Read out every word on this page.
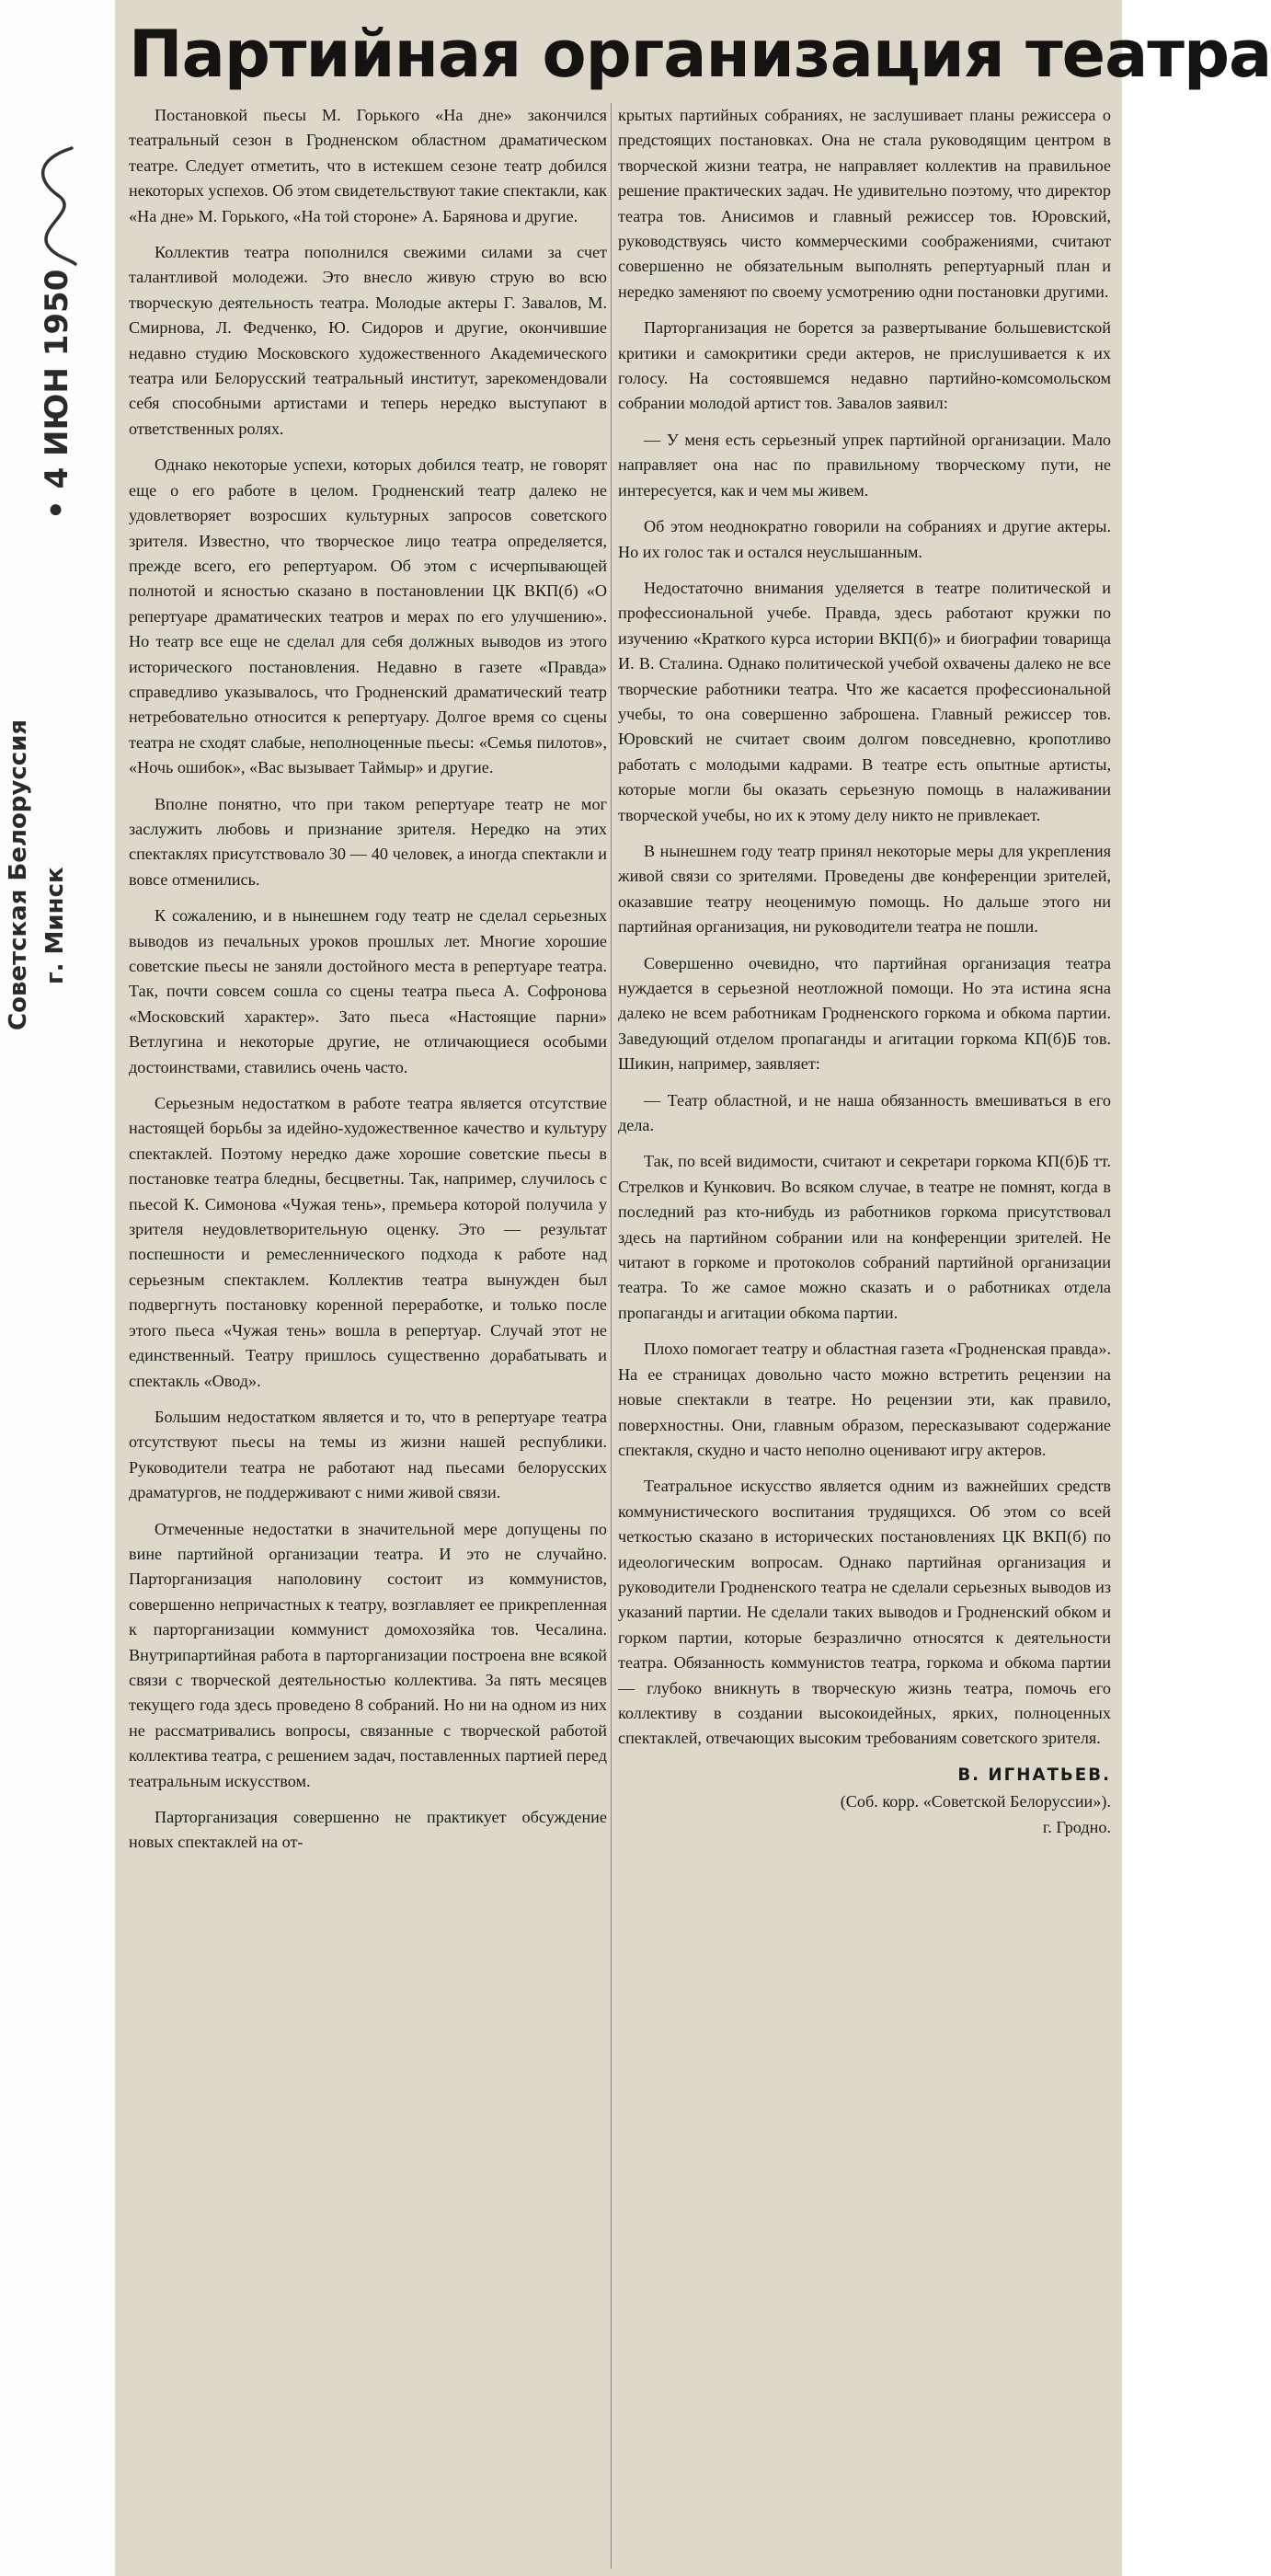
• 4 ИЮН 1950
Советская Белоруссия г. Минск
Партийная организация театра

Постановкой пьесы М. Горького «На дне» закончился театральный сезон в Гродненском областном драматическом театре. Следует отметить, что в истекшем сезоне театр добился некоторых успехов. Об этом свидетельствуют такие спектакли, как «На дне» М. Горького, «На той стороне» А. Барянова и другие.

Коллектив театра пополнился свежими силами за счет талантливой молодежи. Это внесло живую струю во всю творческую деятельность театра. Молодые актеры Г. Завалов, М. Смирнова, Л. Федченко, Ю. Сидоров и другие, окончившие недавно студию Московского художественного Академического театра или Белорусский театральный институт, зарекомендовали себя способными артистами и теперь нередко выступают в ответственных ролях.

Однако некоторые успехи, которых добился театр, не говорят еще о его работе в целом. Гродненский театр далеко не удовлетворяет возросших культурных запросов советского зрителя. Известно, что творческое лицо театра определяется, прежде всего, его репертуаром. Об этом с исчерпывающей полнотой и ясностью сказано в постановлении ЦК ВКП(б) «О репертуаре драматических театров и мерах по его улучшению». Но театр все еще не сделал для себя должных выводов из этого исторического постановления. Недавно в газете «Правда» справедливо указывалось, что Гродненский драматический театр нетребовательно относится к репертуару. Долгое время со сцены театра не сходят слабые, неполноценные пьесы: «Семья пилотов», «Ночь ошибок», «Вас вызывает Таймыр» и другие.

Вполне понятно, что при таком репертуаре театр не мог заслужить любовь и признание зрителя. Нередко на этих спектаклях присутствовало 30 — 40 человек, а иногда спектакли и вовсе отменились.

К сожалению, и в нынешнем году театр не сделал серьезных выводов из печальных уроков прошлых лет. Многие хорошие советские пьесы не заняли достойного места в репертуаре театра. Так, почти совсем сошла со сцены театра пьеса А. Софронова «Московский характер». Зато пьеса «Настоящие парни» Ветлугина и некоторые другие, не отличающиеся особыми достоинствами, ставились очень часто.

Серьезным недостатком в работе театра является отсутствие настоящей борьбы за идейно-художественное качество и культуру спектаклей. Поэтому нередко даже хорошие советские пьесы в постановке театра бледны, бесцветны. Так, например, случилось с пьесой К. Симонова «Чужая тень», премьера которой получила у зрителя неудовлетворительную оценку. Это — результат поспешности и ремесленнического подхода к работе над серьезным спектаклем. Коллектив театра вынужден был подвергнуть постановку коренной переработке, и только после этого пьеса «Чужая тень» вошла в репертуар. Случай этот не единственный. Театру пришлось существенно дорабатывать и спектакль «Овод».

Большим недостатком является и то, что в репертуаре театра отсутствуют пьесы на темы из жизни нашей республики. Руководители театра не работают над пьесами белорусских драматургов, не поддерживают с ними живой связи.

Отмеченные недостатки в значительной мере допущены по вине партийной организации театра. И это не случайно. Парторганизация наполовину состоит из коммунистов, совершенно непричастных к театру, возглавляет ее прикрепленная к парторганизации коммунист домохозяйка тов. Чесалина. Внутрипартийная работа в парторганизации построена вне всякой связи с творческой деятельностью коллектива. За пять месяцев текущего года здесь проведено 8 собраний. Но ни на одном из них не рассматривались вопросы, связанные с творческой работой коллектива театра, с решением задач, поставленных партией перед театральным искусством.

Парторганизация совершенно не практикует обсуждение новых спектаклей на от-

крытых партийных собраниях, не заслушивает планы режиссера о предстоящих постановках. Она не стала руководящим центром в творческой жизни театра, не направляет коллектив на правильное решение практических задач. Не удивительно поэтому, что директор театра тов. Анисимов и главный режиссер тов. Юровский, руководствуясь чисто коммерческими соображениями, считают совершенно не обязательным выполнять репертуарный план и нередко заменяют по своему усмотрению одни постановки другими.

Парторганизация не борется за развертывание большевистской критики и самокритики среди актеров, не прислушивается к их голосу. На состоявшемся недавно партийно-комсомольском собрании молодой артист тов. Завалов заявил:

— У меня есть серьезный упрек партийной организации. Мало направляет она нас по правильному творческому пути, не интересуется, как и чем мы живем.

Об этом неоднократно говорили на собраниях и другие актеры. Но их голос так и остался неуслышанным.

Недостаточно внимания уделяется в театре политической и профессиональной учебе. Правда, здесь работают кружки по изучению «Краткого курса истории ВКП(б)» и биографии товарища И. В. Сталина. Однако политической учебой охвачены далеко не все творческие работники театра. Что же касается профессиональной учебы, то она совершенно заброшена. Главный режиссер тов. Юровский не считает своим долгом повседневно, кропотливо работать с молодыми кадрами. В театре есть опытные артисты, которые могли бы оказать серьезную помощь в налаживании творческой учебы, но их к этому делу никто не привлекает.

В нынешнем году театр принял некоторые меры для укрепления живой связи со зрителями. Проведены две конференции зрителей, оказавшие театру неоценимую помощь. Но дальше этого ни партийная организация, ни руководители театра не пошли.

Совершенно очевидно, что партийная организация театра нуждается в серьезной неотложной помощи. Но эта истина ясна далеко не всем работникам Гродненского горкома и обкома партии. Заведующий отделом пропаганды и агитации горкома КП(б)Б тов. Шикин, например, заявляет:

— Театр областной, и не наша обязанность вмешиваться в его дела.

Так, по всей видимости, считают и секретари горкома КП(б)Б тт. Стрелков и Кункович. Во всяком случае, в театре не помнят, когда в последний раз кто-нибудь из работников горкома присутствовал здесь на партийном собрании или на конференции зрителей. Не читают в горкоме и протоколов собраний партийной организации театра. То же самое можно сказать и о работниках отдела пропаганды и агитации обкома партии.

Плохо помогает театру и областная газета «Гродненская правда». На ее страницах довольно часто можно встретить рецензии на новые спектакли в театре. Но рецензии эти, как правило, поверхностны. Они, главным образом, пересказывают содержание спектакля, скудно и часто неполно оценивают игру актеров.

Театральное искусство является одним из важнейших средств коммунистического воспитания трудящихся. Об этом со всей четкостью сказано в исторических постановлениях ЦК ВКП(б) по идеологическим вопросам. Однако партийная организация и руководители Гродненского театра не сделали серьезных выводов из указаний партии. Не сделали таких выводов и Гродненский обком и горком партии, которые безразлично относятся к деятельности театра. Обязанность коммунистов театра, горкома и обкома партии — глубоко вникнуть в творческую жизнь театра, помочь его коллективу в создании высокоидейных, ярких, полноценных спектаклей, отвечающих высоким требованиям советского зрителя.

В. ИГНАТЬЕВ.

(Соб. корр. «Советской Белоруссии»).

г. Гродно.
